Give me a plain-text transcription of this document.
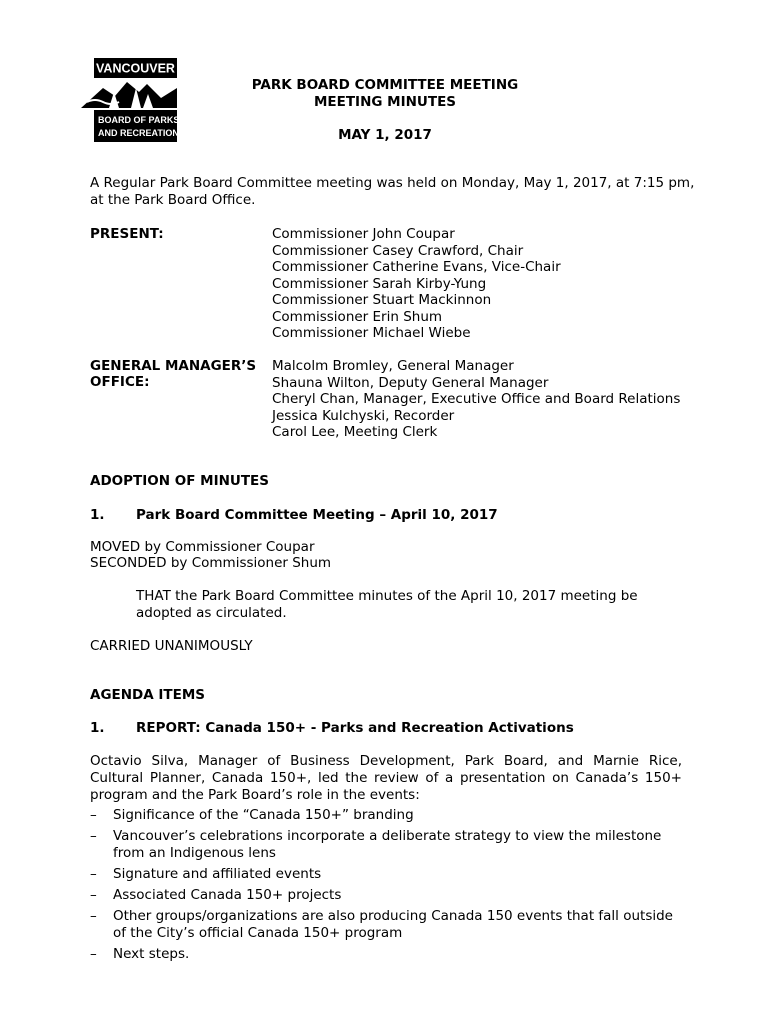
VANCOUVER
BOARD OF PARKS
AND RECREATION
PARK BOARD COMMITTEE MEETING
MEETING MINUTES
MAY 1, 2017
A Regular Park Board Committee meeting was held on Monday, May 1, 2017, at 7:15 pm, at the Park Board Office.
PRESENT:	Commissioner John Coupar
Commissioner Casey Crawford, Chair
Commissioner Catherine Evans, Vice-Chair
Commissioner Sarah Kirby-Yung
Commissioner Stuart Mackinnon
Commissioner Erin Shum
Commissioner Michael Wiebe
GENERAL MANAGER’S
OFFICE:
Malcolm Bromley, General Manager
Shauna Wilton, Deputy General Manager
Cheryl Chan, Manager, Executive Office and Board Relations
Jessica Kulchyski, Recorder
Carol Lee, Meeting Clerk
ADOPTION OF MINUTES
1. Park Board Committee Meeting – April 10, 2017
MOVED by Commissioner Coupar
SECONDED by Commissioner Shum
THAT the Park Board Committee minutes of the April 10, 2017 meeting be adopted as circulated.
CARRIED UNANIMOUSLY
AGENDA ITEMS
1. REPORT: Canada 150+ - Parks and Recreation Activations
Octavio Silva, Manager of Business Development, Park Board, and Marnie Rice, Cultural Planner, Canada 150+, led the review of a presentation on Canada’s 150+ program and the Park Board’s role in the events:
– Significance of the “Canada 150+” branding
– Vancouver’s celebrations incorporate a deliberate strategy to view the milestone from an Indigenous lens
– Signature and affiliated events
– Associated Canada 150+ projects
– Other groups/organizations are also producing Canada 150 events that fall outside of the City’s official Canada 150+ program
– Next steps.
